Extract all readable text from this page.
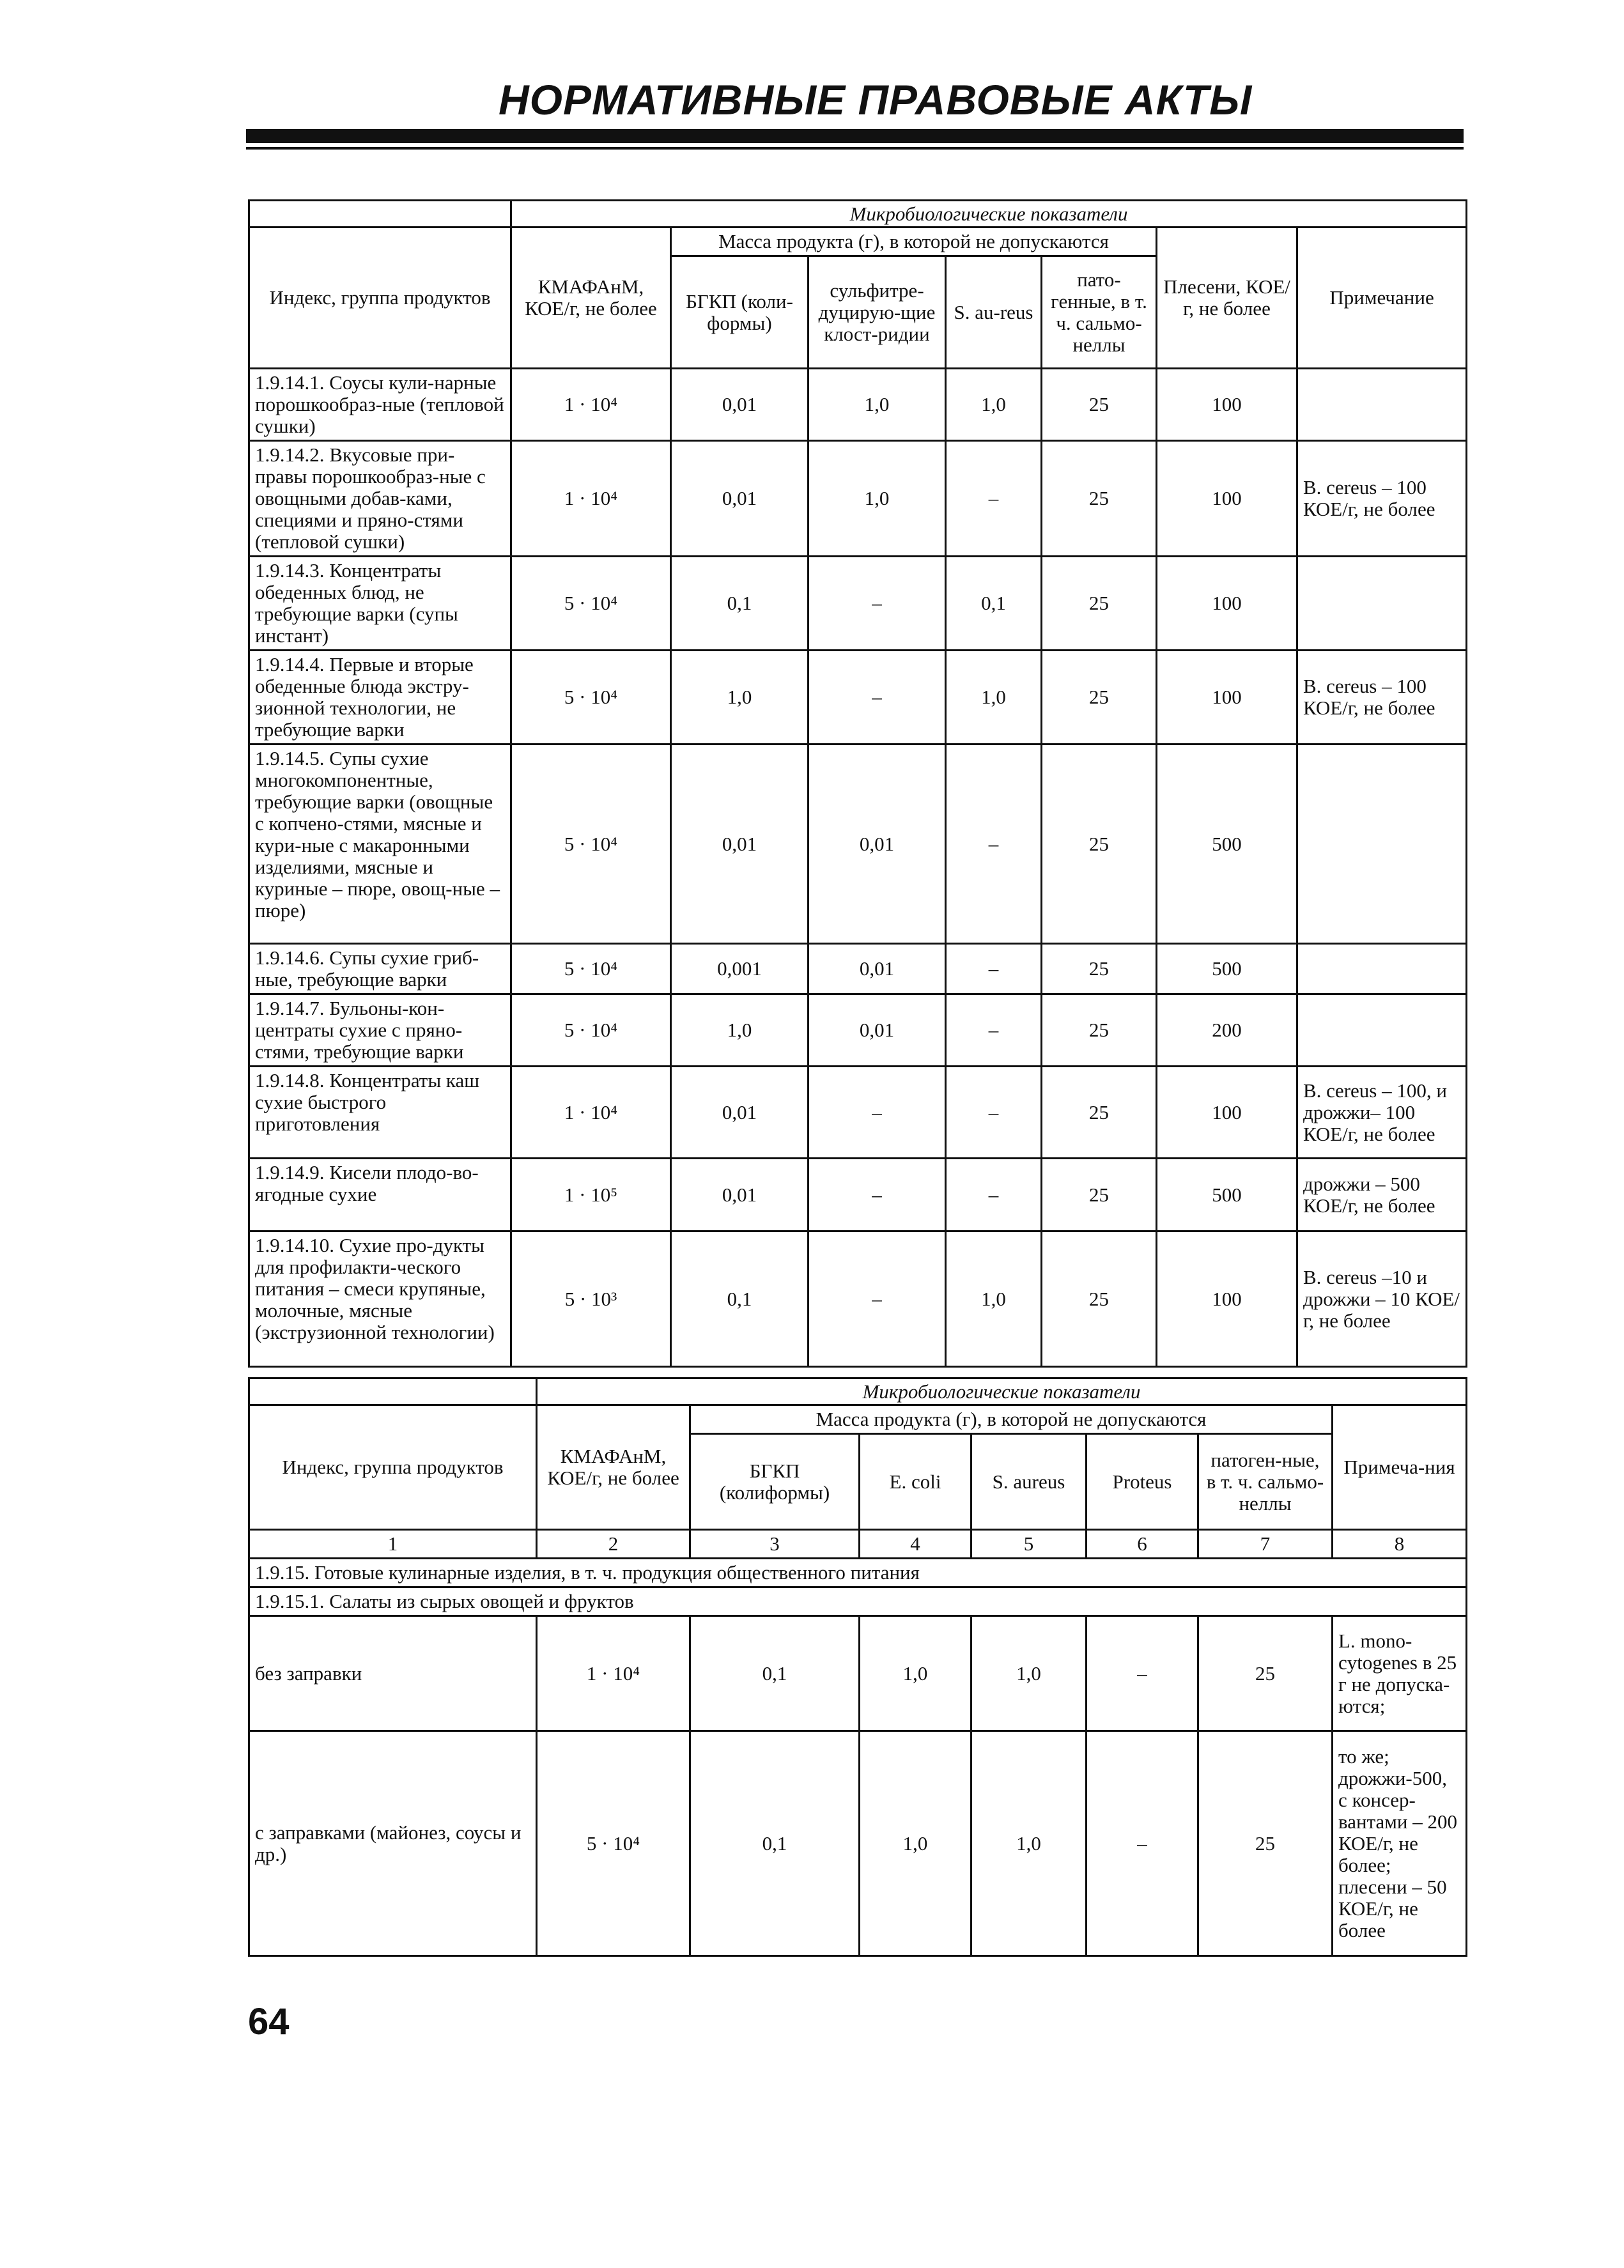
НОРМАТИВНЫЕ ПРАВОВЫЕ АКТЫ
	Микробиологические показатели						
Индекс, группа продуктов	КМАФАнМ, КОЕ/г, не более	Масса продукта (г), в которой не допускаются				Плесени, КОЕ/г, не более	Примечание
		БГКП (коли-формы)	сульфитре-дуцирую-щие клост-ридии	S. au-reus	пато-генные, в т. ч. сальмо-неллы		
1.9.14.1. Соусы кули-нарные порошкообраз-ные (тепловой сушки)	1 · 10⁴	0,01	1,0	1,0	25	100	
1.9.14.2. Вкусовые при-правы порошкообраз-ные с овощными добав-ками, специями и пряно-стями (тепловой сушки)	1 · 10⁴	0,01	1,0	–	25	100	B. cereus – 100 КОЕ/г, не более
1.9.14.3. Концентраты обеденных блюд, не требующие варки (супы инстант)	5 · 10⁴	0,1	–	0,1	25	100	
1.9.14.4. Первые и вторые обеденные блюда экстру-зионной технологии, не требующие варки	5 · 10⁴	1,0	–	1,0	25	100	B. cereus – 100 КОЕ/г, не более
1.9.14.5. Супы сухие многокомпонентные, требующие варки (овощные с копчено-стями, мясные и кури-ные с макаронными изделиями, мясные и куриные – пюре, овощ-ные – пюре)	5 · 10⁴	0,01	0,01	–	25	500	
1.9.14.6. Супы сухие гриб-ные, требующие варки	5 · 10⁴	0,001	0,01	–	25	500	
1.9.14.7. Бульоны-кон-центраты сухие с пряно-стями, требующие варки	5 · 10⁴	1,0	0,01	–	25	200	
1.9.14.8. Концентраты каш сухие быстрого приготовления	1 · 10⁴	0,01	–	–	25	100	B. cereus – 100, и дрожжи– 100 КОЕ/г, не более
1.9.14.9. Кисели плодо-во-ягодные сухие	1 · 10⁵	0,01	–	–	25	500	дрожжи – 500 КОЕ/г, не более
1.9.14.10. Сухие про-дукты для профилакти-ческого питания – смеси крупяные, молочные, мясные (экструзионной технологии)	5 · 10³	0,1	–	1,0	25	100	B. cereus –10 и дрожжи – 10 КОЕ/г, не более
	Микробиологические показатели						
Индекс, группа продуктов	КМАФАнМ, КОЕ/г, не более	Масса продукта (г), в которой не допускаются					Примеча-ния
		БГКП (колиформы)	E. coli	S. aureus	Proteus	патоген-ные, в т. ч. сальмо-неллы	
1	2	3	4	5	6	7	8
1.9.15. Готовые кулинарные изделия, в т. ч. продукция общественного питания							
1.9.15.1. Салаты из сырых овощей и фруктов							
без заправки	1 · 10⁴	0,1	1,0	1,0	–	25	L. mono-cytogenes в 25 г не допуска-ются;
с заправками (майонез, соусы и др.)	5 · 10⁴	0,1	1,0	1,0	–	25	то же; дрожжи-500, с консер-вантами – 200 КОЕ/г, не более; плесени – 50 КОЕ/г, не более
64
